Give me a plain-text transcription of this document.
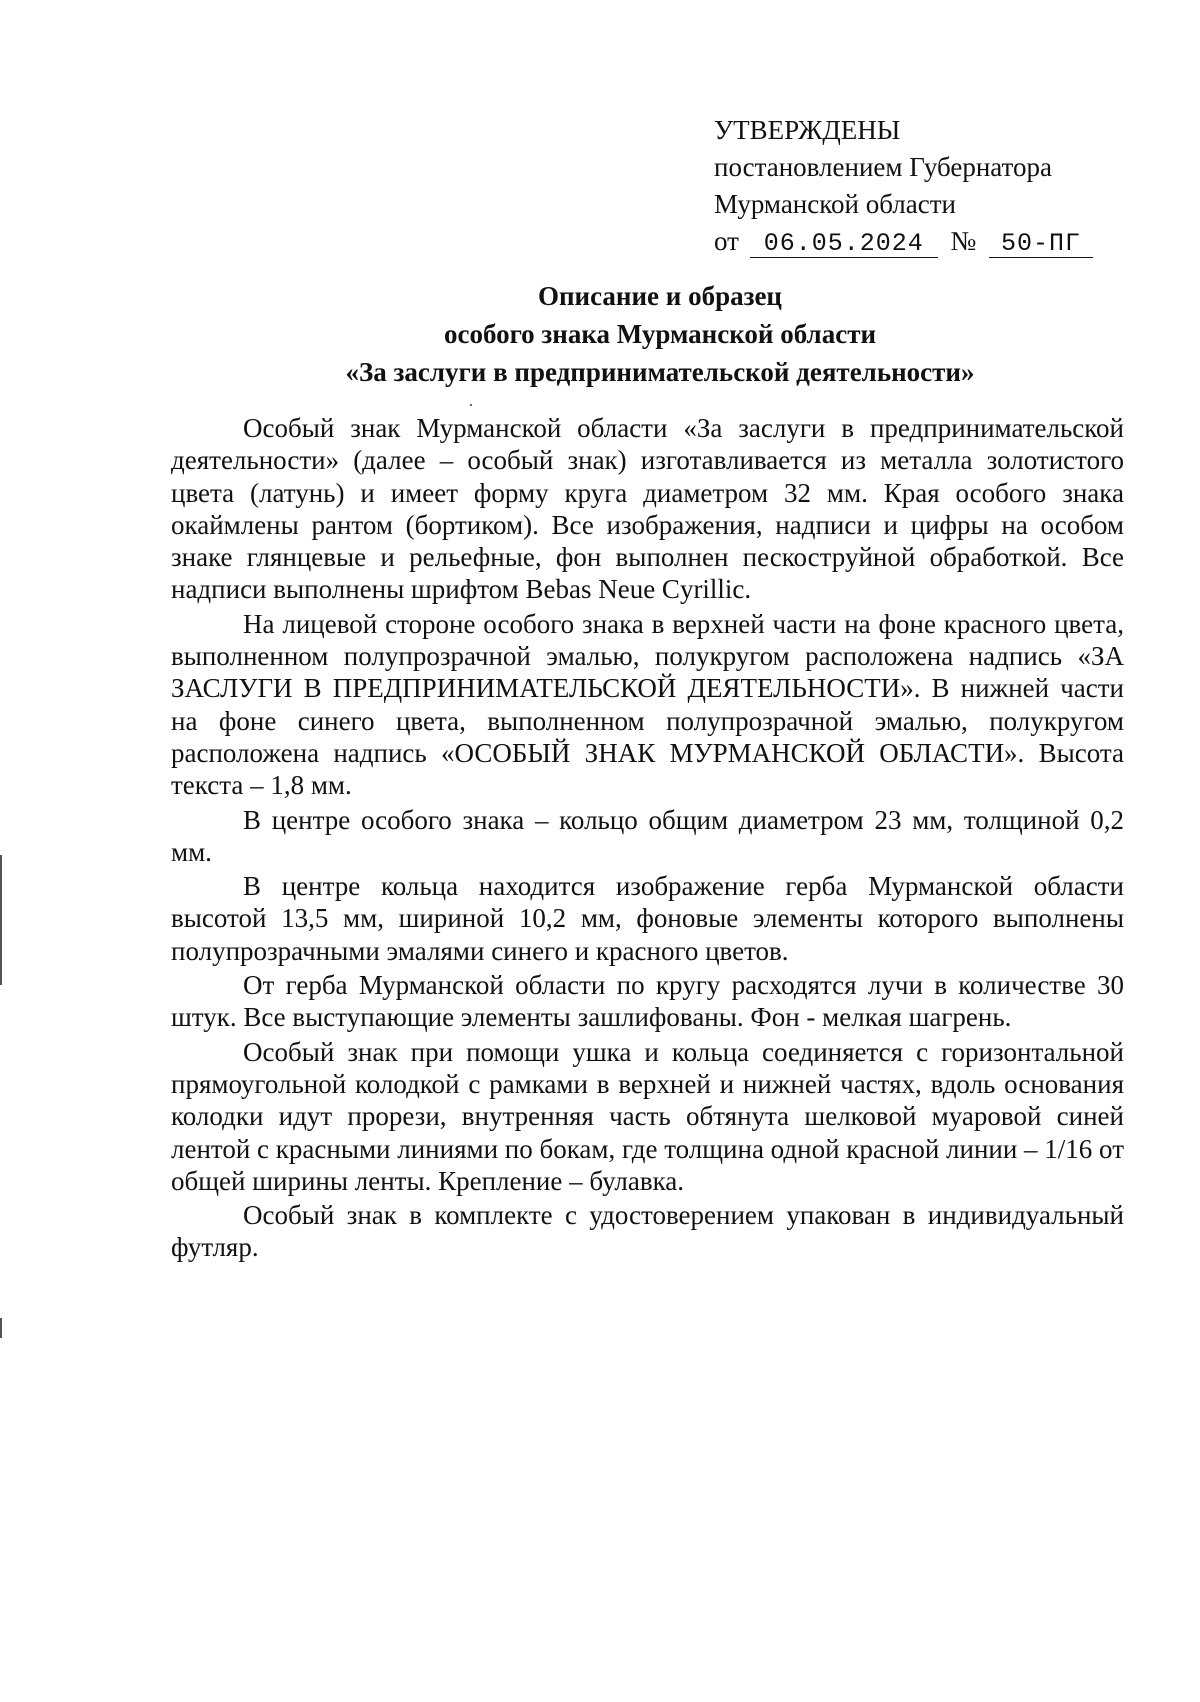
УТВЕРЖДЕНЫ
постановлением Губернатора
Мурманской области
от 06.05.2024 № 50-ПГ
Описание и образец
особого знака Мурманской области
«За заслуги в предпринимательской деятельности»

Особый знак Мурманской области «За заслуги в предпринимательской деятельности» (далее – особый знак) изготавливается из металла золотистого цвета (латунь) и имеет форму круга диаметром 32 мм. Края особого знака окаймлены рантом (бортиком). Все изображения, надписи и цифры на особом знаке глянцевые и рельефные, фон выполнен пескоструйной обработкой. Все надписи выполнены шрифтом Bebas Neue Cyrillic.

На лицевой стороне особого знака в верхней части на фоне красного цвета, выполненном полупрозрачной эмалью, полукругом расположена надпись «ЗА ЗАСЛУГИ В ПРЕДПРИНИМАТЕЛЬСКОЙ ДЕЯТЕЛЬНОСТИ». В нижней части на фоне синего цвета, выполненном полупрозрачной эмалью, полукругом расположена надпись «ОСОБЫЙ ЗНАК МУРМАНСКОЙ ОБЛАСТИ». Высота текста – 1,8 мм.

В центре особого знака – кольцо общим диаметром 23 мм, толщиной 0,2 мм.

В центре кольца находится изображение герба Мурманской области высотой 13,5 мм, шириной 10,2 мм, фоновые элементы которого выполнены полупрозрачными эмалями синего и красного цветов.

От герба Мурманской области по кругу расходятся лучи в количестве 30 штук. Все выступающие элементы зашлифованы. Фон - мелкая шагрень.

Особый знак при помощи ушка и кольца соединяется с горизонтальной прямоугольной колодкой с рамками в верхней и нижней частях, вдоль основания колодки идут прорези, внутренняя часть обтянута шелковой муаровой синей лентой с красными линиями по бокам, где толщина одной красной линии – 1/16 от общей ширины ленты. Крепление – булавка.

Особый знак в комплекте с удостоверением упакован в индивидуальный футляр.
